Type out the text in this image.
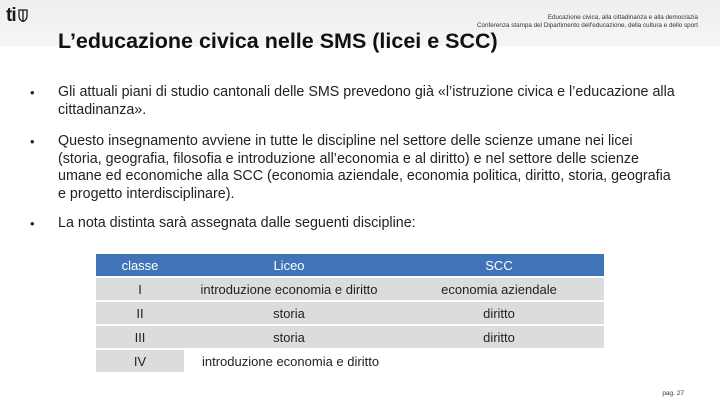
ti	Educazione civica, alla cittadinanza e alla democrazia
Conferenza stampa del Dipartimento dell'educazione, della cultura e dello sport
L’educazione civica nelle SMS (licei e SCC)
•	Gli attuali piani di studio cantonali delle SMS prevedono già «l’istruzione civica e l’educazione alla cittadinanza».
•	Questo insegnamento avviene in tutte le discipline nel settore delle scienze umane nei licei (storia, geografia, filosofia e introduzione all’economia e al diritto) e nel settore delle scienze umane ed economiche alla SCC (economia aziendale, economia politica, diritto, storia, geografia e progetto interdisciplinare).
•	La nota distinta sarà assegnata dalle seguenti discipline:
classe	Liceo	SCC
I	introduzione economia e diritto	economia aziendale
II	storia	diritto
III	storia	diritto
IV	introduzione economia e diritto	
pag. 27
